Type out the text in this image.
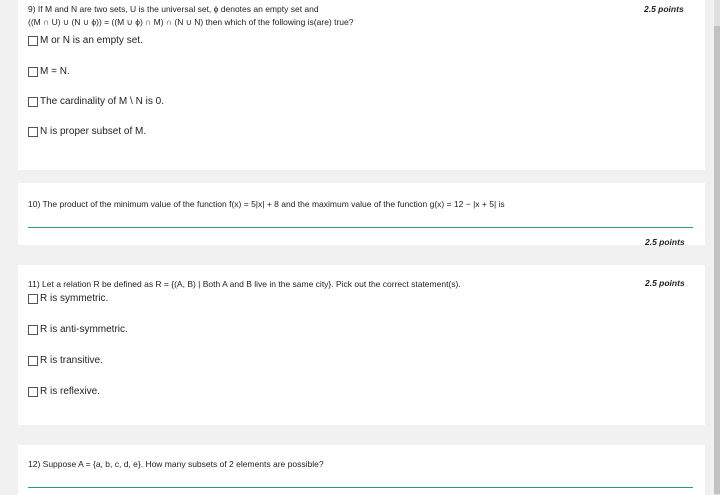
9) If M and N are two sets, U is the universal set, ϕ denotes an empty set and
((M ∩ U) ∪ (N ∪ ϕ)) = ((M ∪ ϕ) ∩ M) ∩ (N ∪ N) then which of the following is(are) true?
2.5 points
M or N is an empty set.
M = N.
The cardinality of M \ N is 0.
N is proper subset of M.
10) The product of the minimum value of the function f(x) = 5|x| + 8 and the maximum value of the function g(x) = 12 − |x + 5| is
2.5 points
11) Let a relation R be defined as R = {(A, B) | Both A and B live in the same city}. Pick out the correct statement(s).	2.5 points
R is symmetric.
R is anti-symmetric.
R is transitive.
R is reflexive.
12) Suppose A = {a, b, c, d, e}. How many subsets of 2 elements are possible?
